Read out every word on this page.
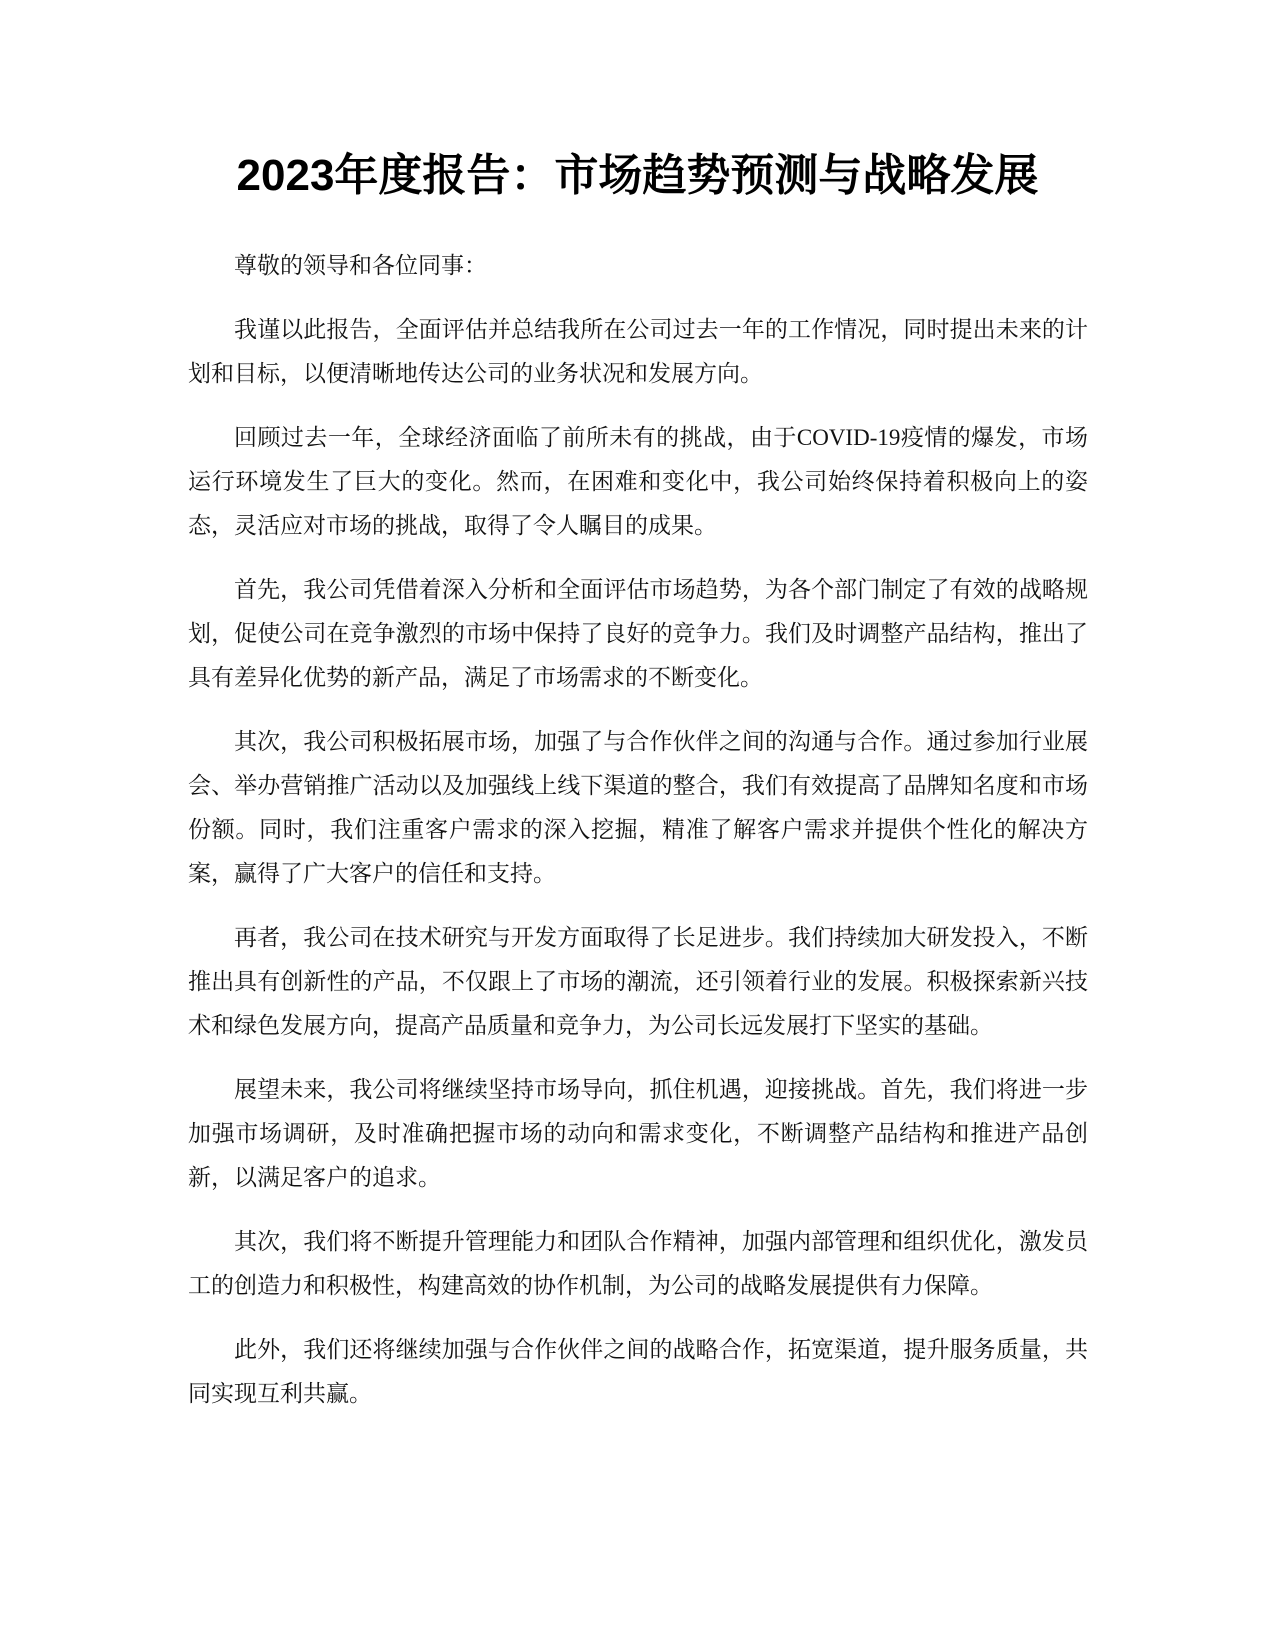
2023年度报告：市场趋势预测与战略发展

尊敬的领导和各位同事：

我谨以此报告，全面评估并总结我所在公司过去一年的工作情况，同时提出未来的计划和目标，以便清晰地传达公司的业务状况和发展方向。

回顾过去一年，全球经济面临了前所未有的挑战，由于COVID-19疫情的爆发，市场运行环境发生了巨大的变化。然而，在困难和变化中，我公司始终保持着积极向上的姿态，灵活应对市场的挑战，取得了令人瞩目的成果。

首先，我公司凭借着深入分析和全面评估市场趋势，为各个部门制定了有效的战略规划，促使公司在竞争激烈的市场中保持了良好的竞争力。我们及时调整产品结构，推出了具有差异化优势的新产品，满足了市场需求的不断变化。

其次，我公司积极拓展市场，加强了与合作伙伴之间的沟通与合作。通过参加行业展会、举办营销推广活动以及加强线上线下渠道的整合，我们有效提高了品牌知名度和市场份额。同时，我们注重客户需求的深入挖掘，精准了解客户需求并提供个性化的解决方案，赢得了广大客户的信任和支持。

再者，我公司在技术研究与开发方面取得了长足进步。我们持续加大研发投入，不断推出具有创新性的产品，不仅跟上了市场的潮流，还引领着行业的发展。积极探索新兴技术和绿色发展方向，提高产品质量和竞争力，为公司长远发展打下坚实的基础。

展望未来，我公司将继续坚持市场导向，抓住机遇，迎接挑战。首先，我们将进一步加强市场调研，及时准确把握市场的动向和需求变化，不断调整产品结构和推进产品创新，以满足客户的追求。

其次，我们将不断提升管理能力和团队合作精神，加强内部管理和组织优化，激发员工的创造力和积极性，构建高效的协作机制，为公司的战略发展提供有力保障。

此外，我们还将继续加强与合作伙伴之间的战略合作，拓宽渠道，提升服务质量，共同实现互利共赢。
